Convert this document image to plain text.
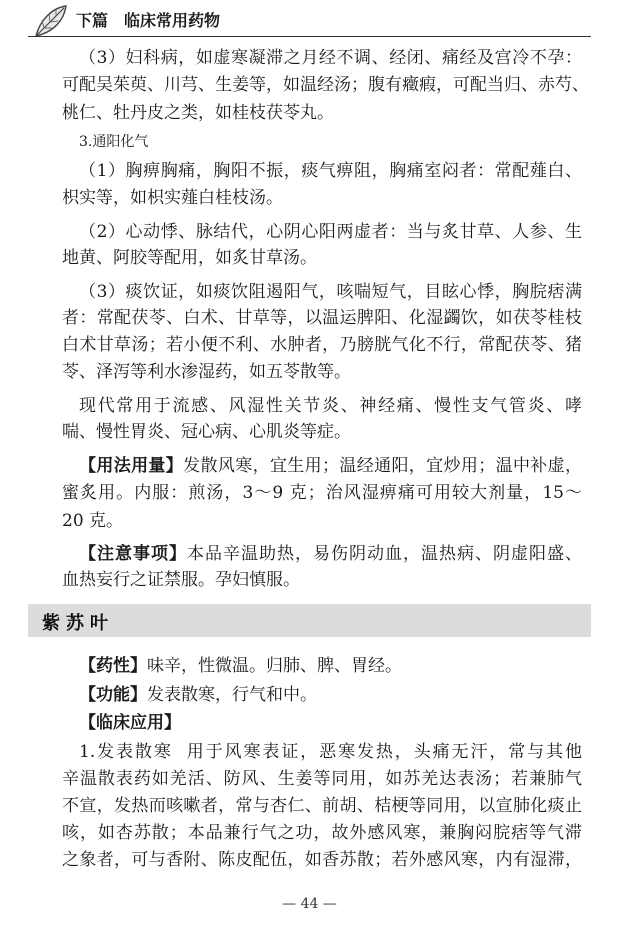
下篇 临床常用药物
（3）妇科病，如虚寒凝滞之月经不调、经闭、痛经及宫冷不孕：
可配吴茱萸、川芎、生姜等，如温经汤；腹有癥瘕，可配当归、赤芍、
桃仁、牡丹皮之类，如桂枝茯苓丸。
3.通阳化气
（1）胸痹胸痛，胸阳不振，痰气痹阻，胸痛室闷者：常配薤白、
枳实等，如枳实薤白桂枝汤。
（2）心动悸、脉结代，心阴心阳两虚者：当与炙甘草、人参、生
地黄、阿胶等配用，如炙甘草汤。
（3）痰饮证，如痰饮阻遏阳气，咳喘短气，目眩心悸，胸脘痞满
者：常配茯苓、白术、甘草等，以温运脾阳、化湿蠲饮，如茯苓桂枝
白术甘草汤；若小便不利、水肿者，乃膀胱气化不行，常配茯苓、猪
苓、泽泻等利水渗湿药，如五苓散等。
现代常用于流感、风湿性关节炎、神经痛、慢性支气管炎、哮
喘、慢性胃炎、冠心病、心肌炎等症。
【用法用量】发散风寒，宜生用；温经通阳，宜炒用；温中补虚，
蜜炙用。内服：煎汤，3～9 克；治风湿痹痛可用较大剂量，15～
20 克。
【注意事项】本品辛温助热，易伤阴动血，温热病、阴虚阳盛、
血热妄行之证禁服。孕妇慎服。
紫苏叶
【药性】味辛，性微温。归肺、脾、胃经。
【功能】发表散寒，行气和中。
【临床应用】
1.发表散寒 用于风寒表证，恶寒发热，头痛无汗，常与其他
辛温散表药如羌活、防风、生姜等同用，如苏羌达表汤；若兼肺气
不宣，发热而咳嗽者，常与杏仁、前胡、桔梗等同用，以宣肺化痰止
咳，如杏苏散；本品兼行气之功，故外感风寒，兼胸闷脘痞等气滞
之象者，可与香附、陈皮配伍，如香苏散；若外感风寒，内有湿滞，
— 44 —
